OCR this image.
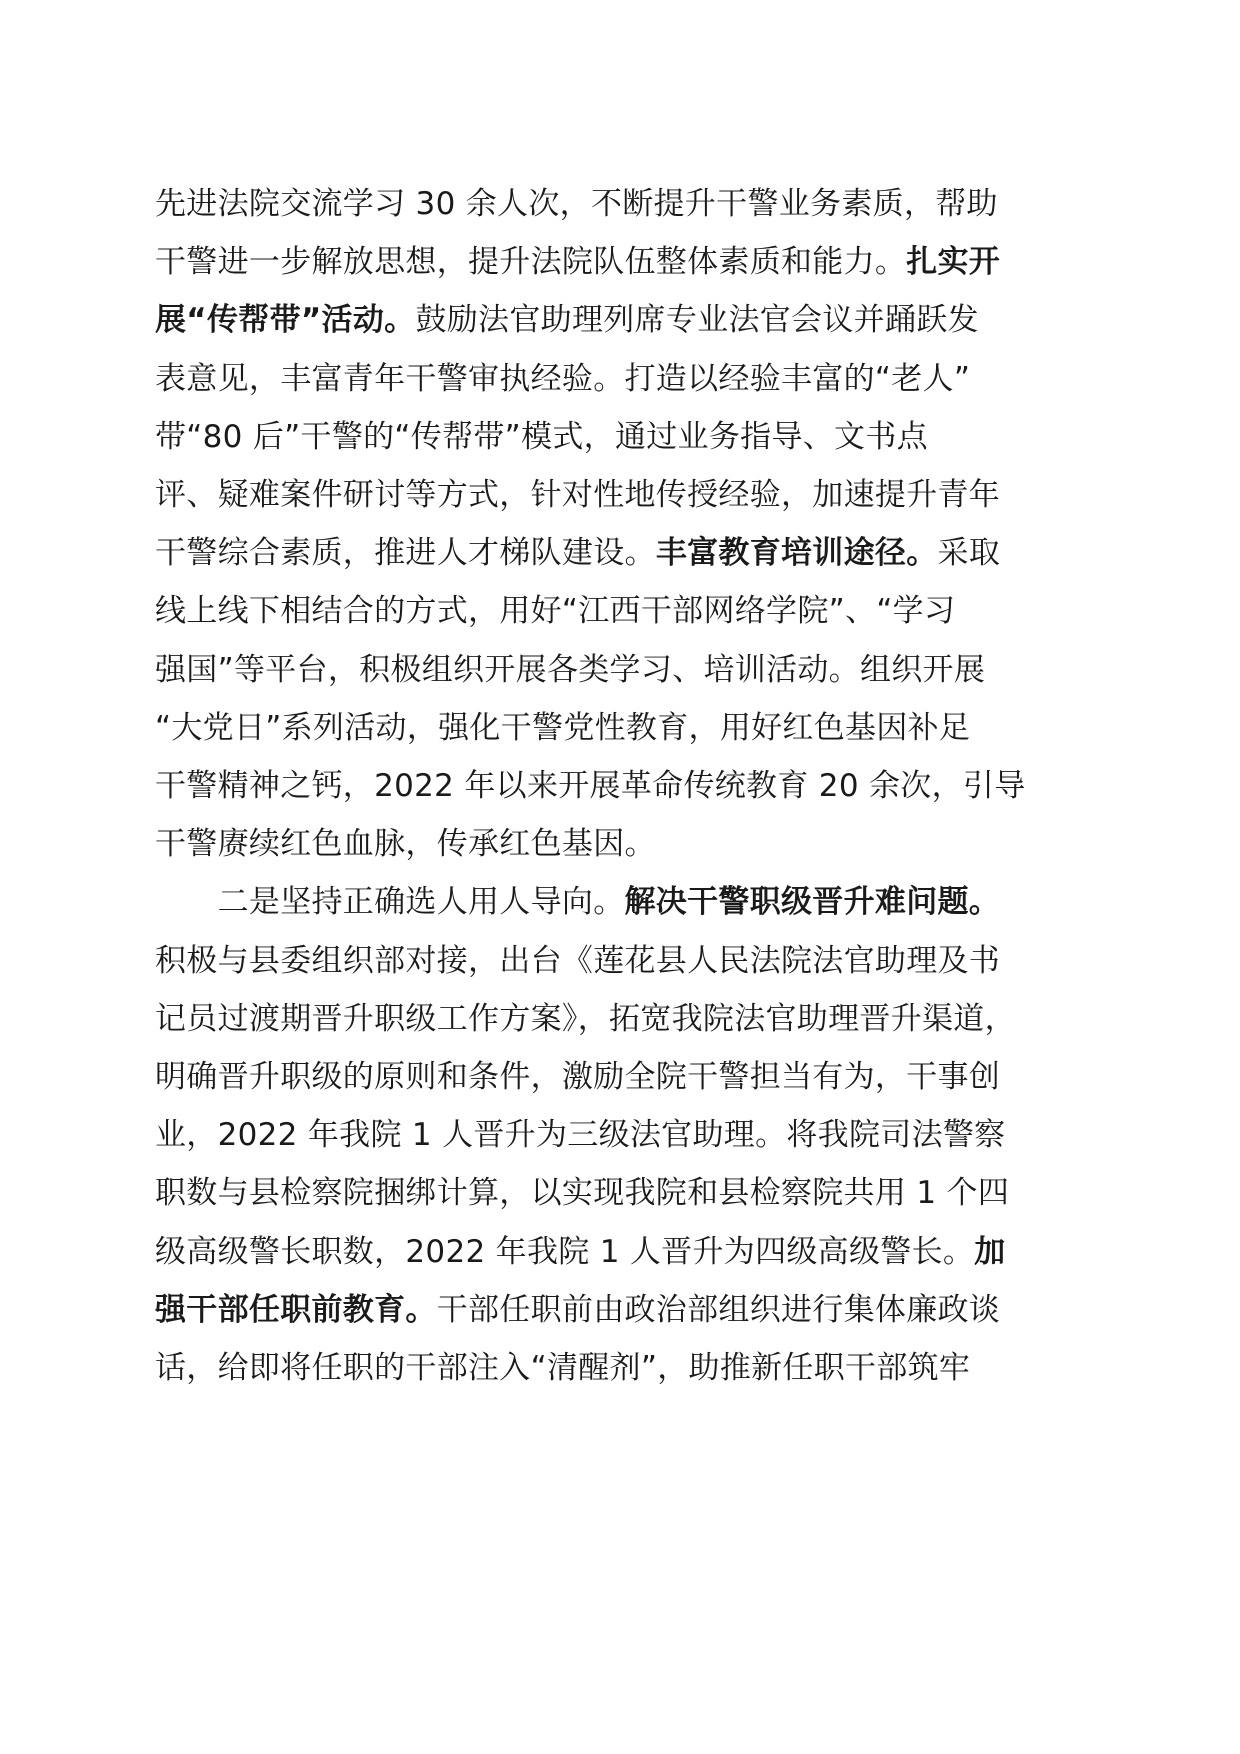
先进法院交流学习 30 余人次，不断提升干警业务素质，帮助
干警进一步解放思想，提升法院队伍整体素质和能力。扎实开
展“传帮带”活动。鼓励法官助理列席专业法官会议并踊跃发
表意见，丰富青年干警审执经验。打造以经验丰富的“老人”
带“80 后”干警的“传帮带”模式，通过业务指导、文书点
评、疑难案件研讨等方式，针对性地传授经验，加速提升青年
干警综合素质，推进人才梯队建设。丰富教育培训途径。采取
线上线下相结合的方式，用好“江西干部网络学院”、“学习
强国”等平台，积极组织开展各类学习、培训活动。组织开展
“大党日”系列活动，强化干警党性教育，用好红色基因补足
干警精神之钙，2022 年以来开展革命传统教育 20 余次，引导
干警赓续红色血脉，传承红色基因。
　　二是坚持正确选人用人导向。解决干警职级晋升难问题。
积极与县委组织部对接，出台《莲花县人民法院法官助理及书
记员过渡期晋升职级工作方案》，拓宽我院法官助理晋升渠道，
明确晋升职级的原则和条件，激励全院干警担当有为，干事创
业，2022 年我院 1 人晋升为三级法官助理。将我院司法警察
职数与县检察院捆绑计算，以实现我院和县检察院共用 1 个四
级高级警长职数，2022 年我院 1 人晋升为四级高级警长。加
强干部任职前教育。干部任职前由政治部组织进行集体廉政谈
话，给即将任职的干部注入“清醒剂”，助推新任职干部筑牢
